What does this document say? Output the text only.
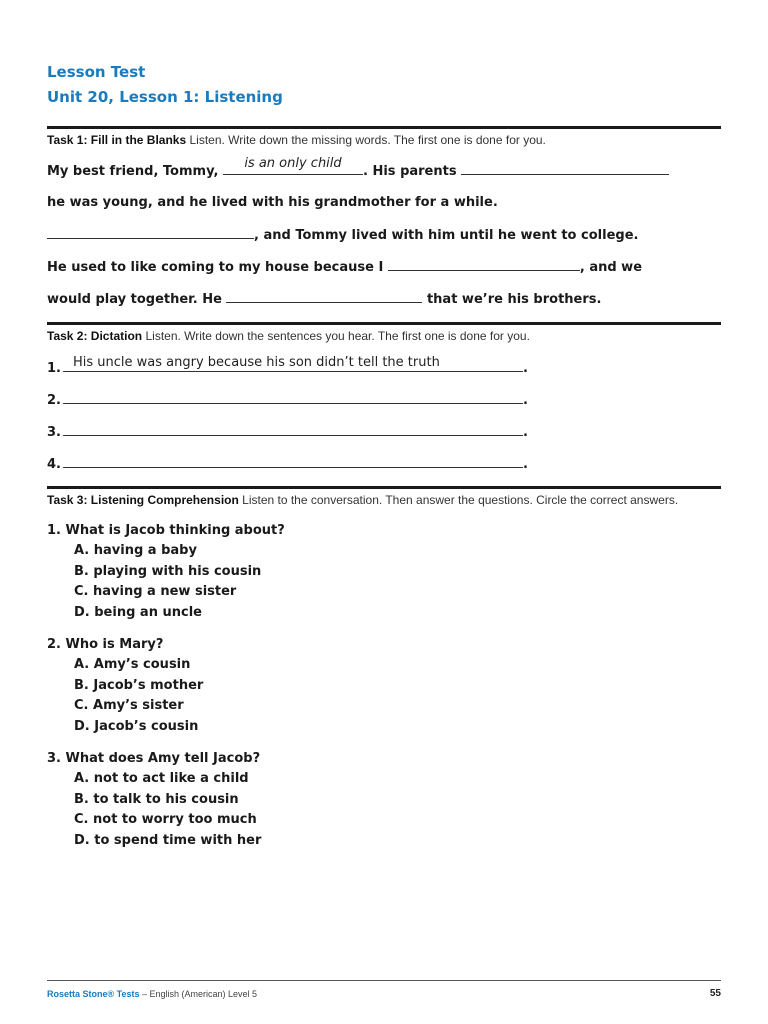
Lesson Test
Unit 20, Lesson 1: Listening
Task 1: Fill in the Blanks Listen. Write down the missing words. The first one is done for you.
My best friend, Tommy,
is an only child
. His parents
he was young, and he lived with his grandmother for a while.
, and Tommy lived with him until he went to college.
He used to like coming to my house because I	, and we
would play together. He	that we’re his brothers.
Task 2: Dictation Listen. Write down the sentences you hear. The first one is done for you.
1. His uncle was angry because his son didn’t tell the truth	.
2.	.
3.	.
4.	.
Task 3: Listening Comprehension Listen to the conversation. Then answer the questions. Circle the correct answers.
1. What is Jacob thinking about?
A. having a baby
B. playing with his cousin
C. having a new sister
D. being an uncle
2. Who is Mary?
A. Amy’s cousin
B. Jacob’s mother
C. Amy’s sister
D. Jacob’s cousin
3. What does Amy tell Jacob?
A. not to act like a child
B. to talk to his cousin
C. not to worry too much
D. to spend time with her
Rosetta Stone® Tests – English (American) Level 5	55
